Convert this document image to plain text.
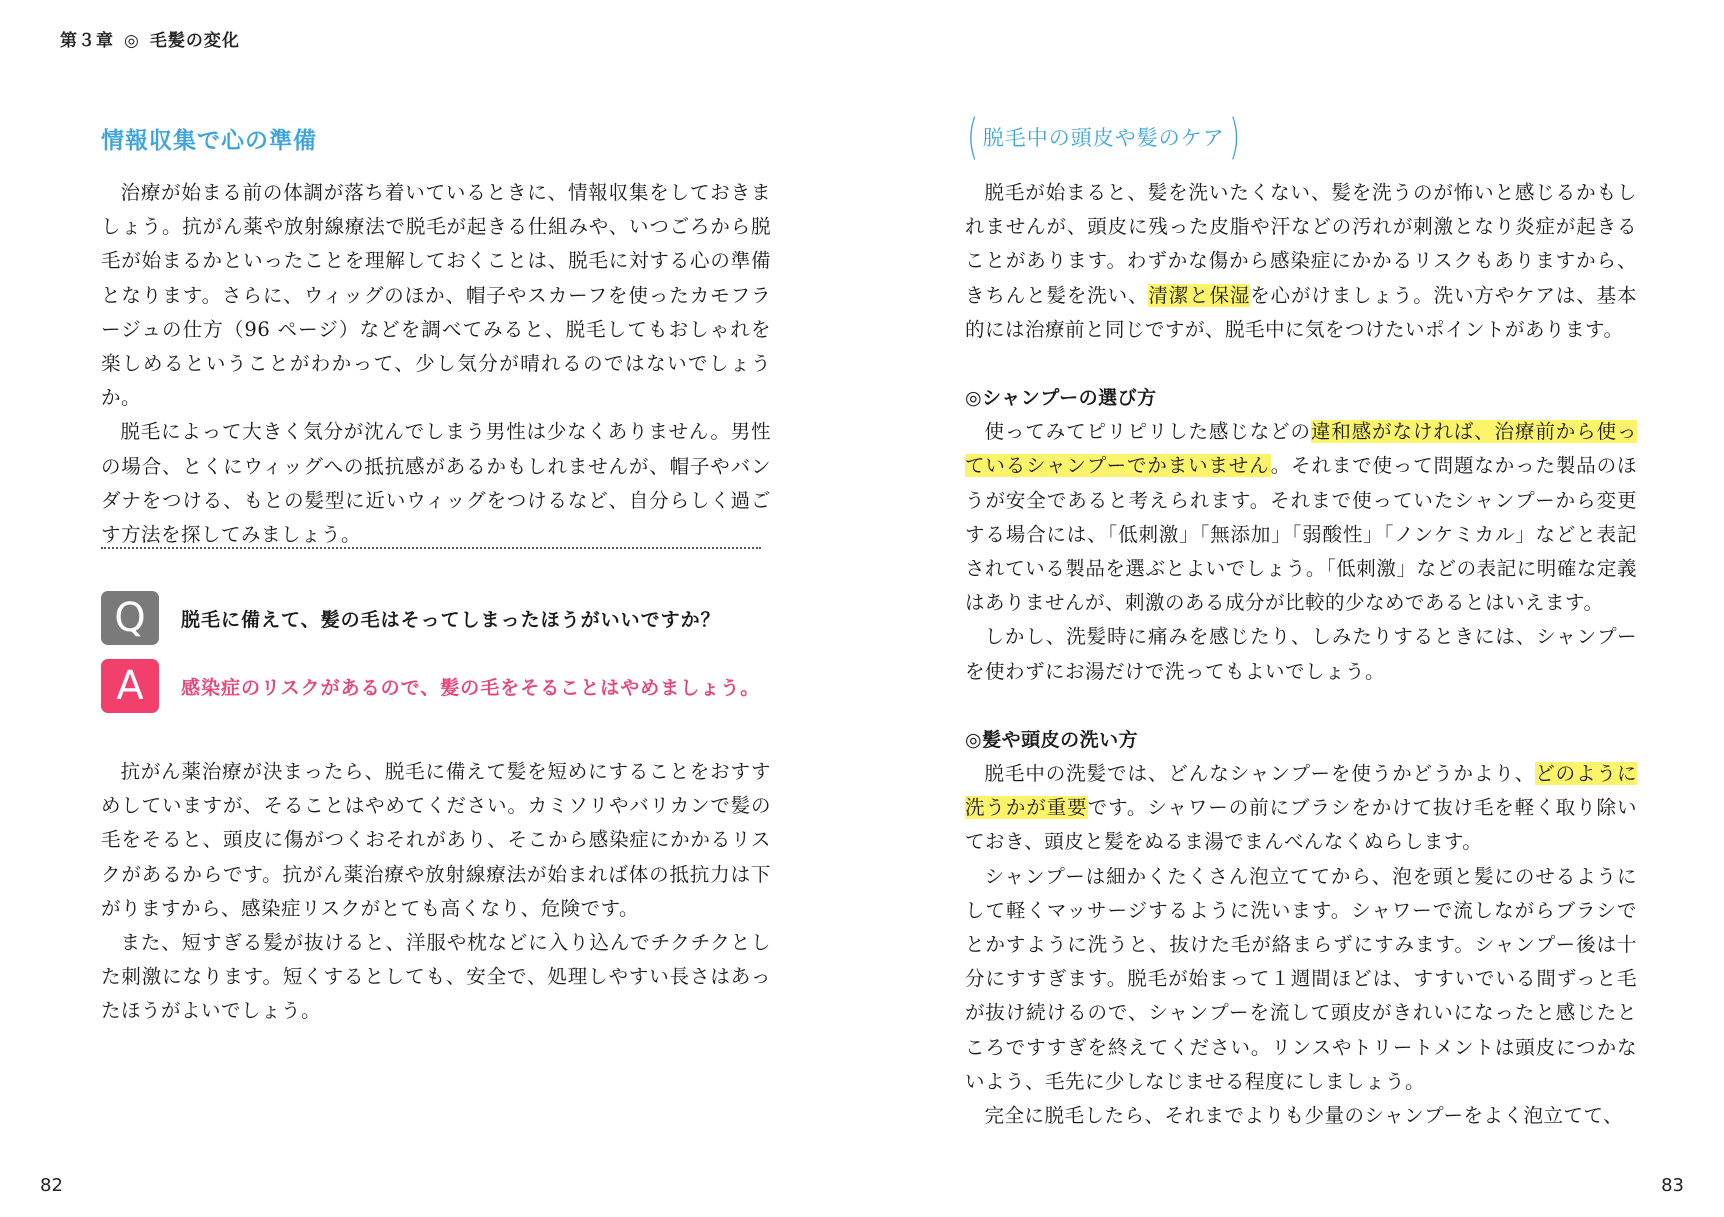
第３章 ◎ 毛髪の変化
情報収集で心の準備

治療が始まる前の体調が落ち着いているときに、情報収集をしておきましょう。抗がん薬や放射線療法で脱毛が起きる仕組みや、いつごろから脱毛が始まるかといったことを理解しておくことは、脱毛に対する心の準備となります。さらに、ウィッグのほか、帽子やスカーフを使ったカモフラージュの仕方（96 ページ）などを調べてみると、脱毛してもおしゃれを楽しめるということがわかって、少し気分が晴れるのではないでしょうか。

脱毛によって大きく気分が沈んでしまう男性は少なくありません。男性の場合、とくにウィッグへの抵抗感があるかもしれませんが、帽子やバンダナをつける、もとの髪型に近いウィッグをつけるなど、自分らしく過ごす方法を探してみましょう。

Q	脱毛に備えて、髪の毛はそってしまったほうがいいですか？
A	感染症のリスクがあるので、髪の毛をそることはやめましょう。

抗がん薬治療が決まったら、脱毛に備えて髪を短めにすることをおすすめしていますが、そることはやめてください。カミソリやバリカンで髪の毛をそると、頭皮に傷がつくおそれがあり、そこから感染症にかかるリスクがあるからです。抗がん薬治療や放射線療法が始まれば体の抵抗力は下がりますから、感染症リスクがとても高くなり、危険です。

また、短すぎる髪が抜けると、洋服や枕などに入り込んでチクチクとした刺激になります。短くするとしても、安全で、処理しやすい長さはあったほうがよいでしょう。

82
( 脱毛中の頭皮や髪のケア )

脱毛が始まると、髪を洗いたくない、髪を洗うのが怖いと感じるかもしれませんが、頭皮に残った皮脂や汗などの汚れが刺激となり炎症が起きることがあります。わずかな傷から感染症にかかるリスクもありますから、きちんと髪を洗い、清潔と保湿を心がけましょう。洗い方やケアは、基本的には治療前と同じですが、脱毛中に気をつけたいポイントがあります。

◎シャンプーの選び方

使ってみてピリピリした感じなどの違和感がなければ、治療前から使っているシャンプーでかまいません。それまで使って問題なかった製品のほうが安全であると考えられます。それまで使っていたシャンプーから変更する場合には、「低刺激」「無添加」「弱酸性」「ノンケミカル」などと表記されている製品を選ぶとよいでしょう。「低刺激」などの表記に明確な定義はありませんが、刺激のある成分が比較的少なめであるとはいえます。

しかし、洗髪時に痛みを感じたり、しみたりするときには、シャンプーを使わずにお湯だけで洗ってもよいでしょう。

◎髪や頭皮の洗い方

脱毛中の洗髪では、どんなシャンプーを使うかどうかより、どのように洗うかが重要です。シャワーの前にブラシをかけて抜け毛を軽く取り除いておき、頭皮と髪をぬるま湯でまんべんなくぬらします。

シャンプーは細かくたくさん泡立ててから、泡を頭と髪にのせるようにして軽くマッサージするように洗います。シャワーで流しながらブラシでとかすように洗うと、抜けた毛が絡まらずにすみます。シャンプー後は十分にすすぎます。脱毛が始まって１週間ほどは、すすいでいる間ずっと毛が抜け続けるので、シャンプーを流して頭皮がきれいになったと感じたところですすぎを終えてください。リンスやトリートメントは頭皮につかないよう、毛先に少しなじませる程度にしましょう。

完全に脱毛したら、それまでよりも少量のシャンプーをよく泡立てて、

83
